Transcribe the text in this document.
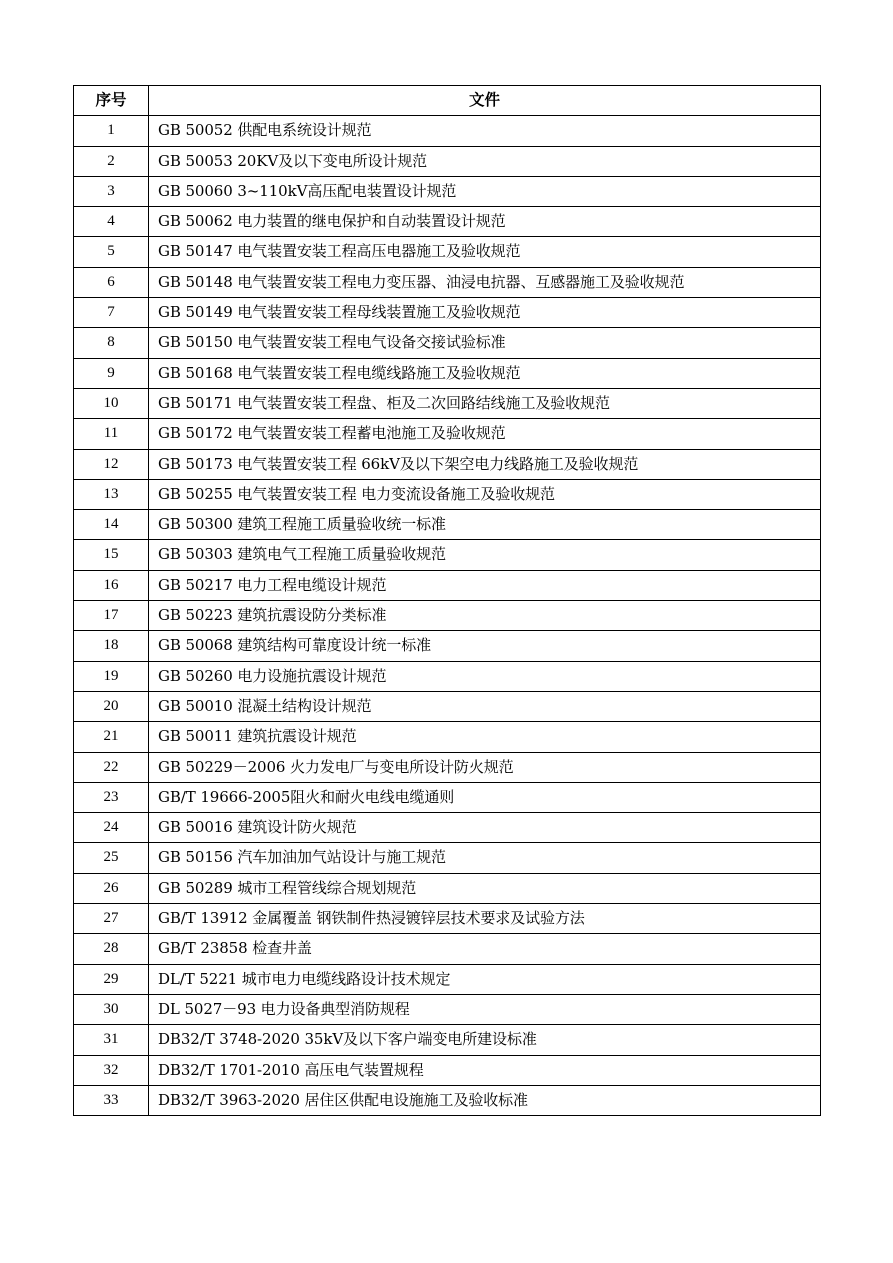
序号	文件
1	GB 50052 供配电系统设计规范
2	GB 50053 20KV及以下变电所设计规范
3	GB 50060 3~110kV高压配电装置设计规范
4	GB 50062 电力装置的继电保护和自动装置设计规范
5	GB 50147 电气装置安装工程高压电器施工及验收规范
6	GB 50148 电气装置安装工程电力变压器、油浸电抗器、互感器施工及验收规范
7	GB 50149 电气装置安装工程母线装置施工及验收规范
8	GB 50150 电气装置安装工程电气设备交接试验标准
9	GB 50168 电气装置安装工程电缆线路施工及验收规范
10	GB 50171 电气装置安装工程盘、柜及二次回路结线施工及验收规范
11	GB 50172 电气装置安装工程蓄电池施工及验收规范
12	GB 50173 电气装置安装工程 66kV及以下架空电力线路施工及验收规范
13	GB 50255 电气装置安装工程 电力变流设备施工及验收规范
14	GB 50300 建筑工程施工质量验收统一标准
15	GB 50303 建筑电气工程施工质量验收规范
16	GB 50217 电力工程电缆设计规范
17	GB 50223 建筑抗震设防分类标准
18	GB 50068 建筑结构可靠度设计统一标准
19	GB 50260 电力设施抗震设计规范
20	GB 50010 混凝土结构设计规范
21	GB 50011 建筑抗震设计规范
22	GB 50229－2006 火力发电厂与变电所设计防火规范
23	GB/T 19666-2005阻火和耐火电线电缆通则
24	GB 50016 建筑设计防火规范
25	GB 50156 汽车加油加气站设计与施工规范
26	GB 50289 城市工程管线综合规划规范
27	GB/T 13912 金属覆盖 钢铁制件热浸镀锌层技术要求及试验方法
28	GB/T 23858 检查井盖
29	DL/T 5221 城市电力电缆线路设计技术规定
30	DL 5027－93 电力设备典型消防规程
31	DB32/T 3748-2020 35kV及以下客户端变电所建设标准
32	DB32/T 1701-2010 高压电气装置规程
33	DB32/T 3963-2020 居住区供配电设施施工及验收标准
